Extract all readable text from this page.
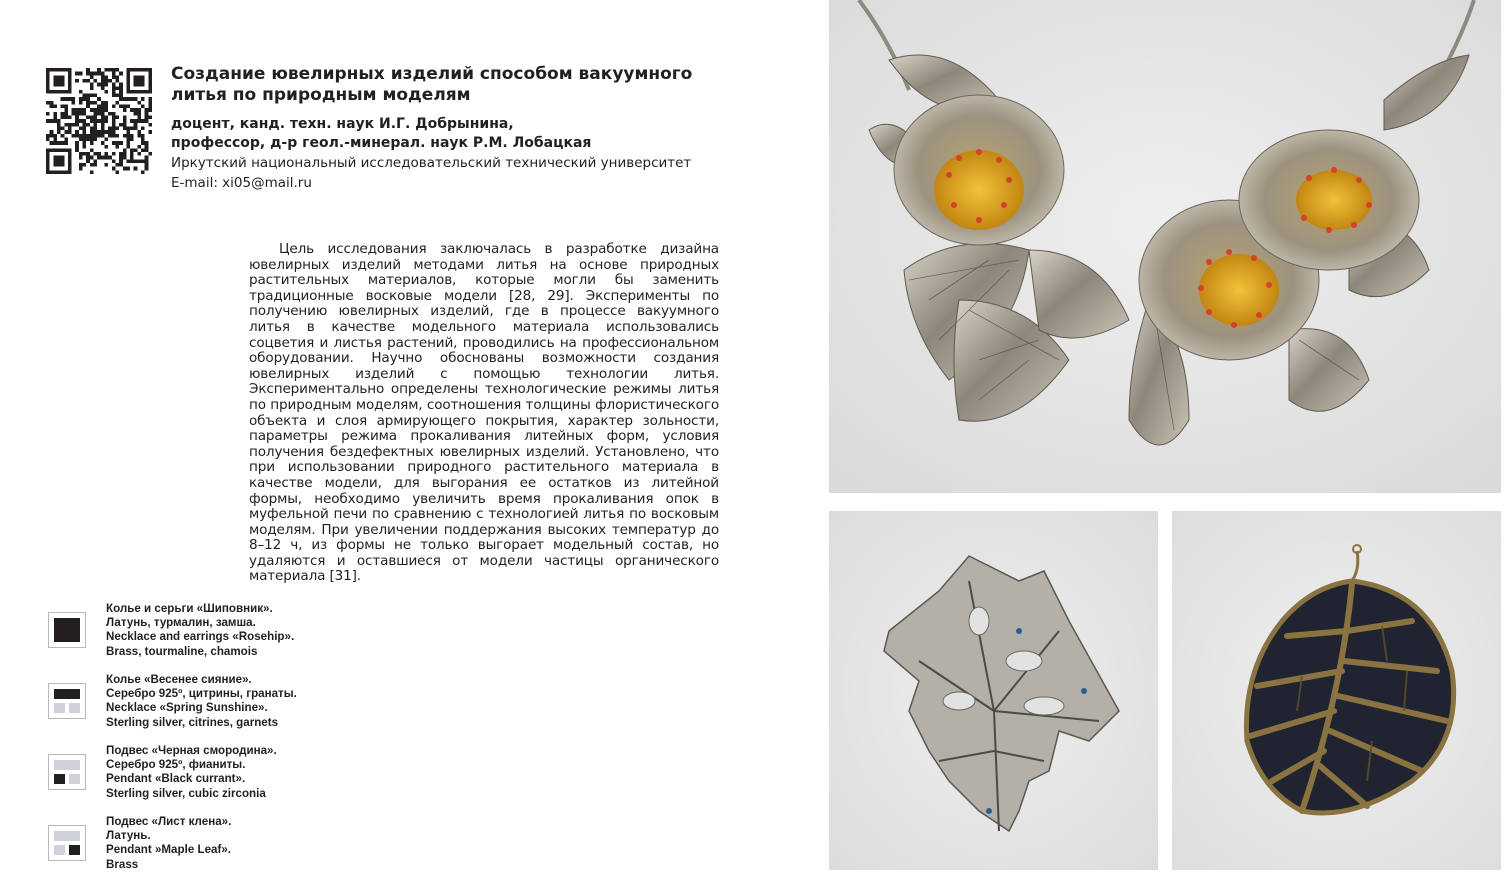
Создание ювелирных изделий способом вакуумного
литья по природным моделям
доцент, канд. техн. наук И.Г. Добрынина,
профессор, д-р геол.-минерал. наук Р.М. Лобацкая
Иркутский национальный исследовательский технический университет
E-mail: xi05@mail.ru

Цель исследования заключалась в разработке дизайна ювелирных изделий методами литья на основе природных растительных материалов, которые могли бы заменить традиционные восковые модели [28, 29]. Эксперименты по получению ювелирных изделий, где в процессе вакуумного литья в качестве модельного материала использовались соцветия и листья растений, проводились на профессиональном оборудовании. Научно обоснованы возможности создания ювелирных изделий с помощью технологии литья. Экспериментально определены технологические режимы литья по природным моделям, соотношения толщины флористического объекта и слоя армирующего покрытия, характер зольности, параметры режима прокаливания литейных форм, условия получения бездефектных ювелирных изделий. Установлено, что при использовании природного растительного материала в качестве модели, для выгорания ее остатков из литейной формы, необходимо увеличить время прокаливания опок в муфельной печи по сравнению с технологией литья по восковым моделям. При увеличении поддержания высоких температур до 8–12 ч, из формы не только выгорает модельный состав, но удаляются и оставшиеся от модели частицы органического материала [31].

Колье и серьги «Шиповник».
Латунь, турмалин, замша.
Necklace and earrings «Rosehip».
Brass, tourmaline, chamois
Колье «Весенее сияние».
Серебро 925º, цитрины, гранаты.
Necklace «Spring Sunshine».
Sterling silver, citrines, garnets
Подвес «Черная смородина».
Серебро 925º, фианиты.
Pendant «Black currant».
Sterling silver, cubic zirconia
Подвес «Лист клена».
Латунь.
Pendant »Maple Leaf».
Brass
